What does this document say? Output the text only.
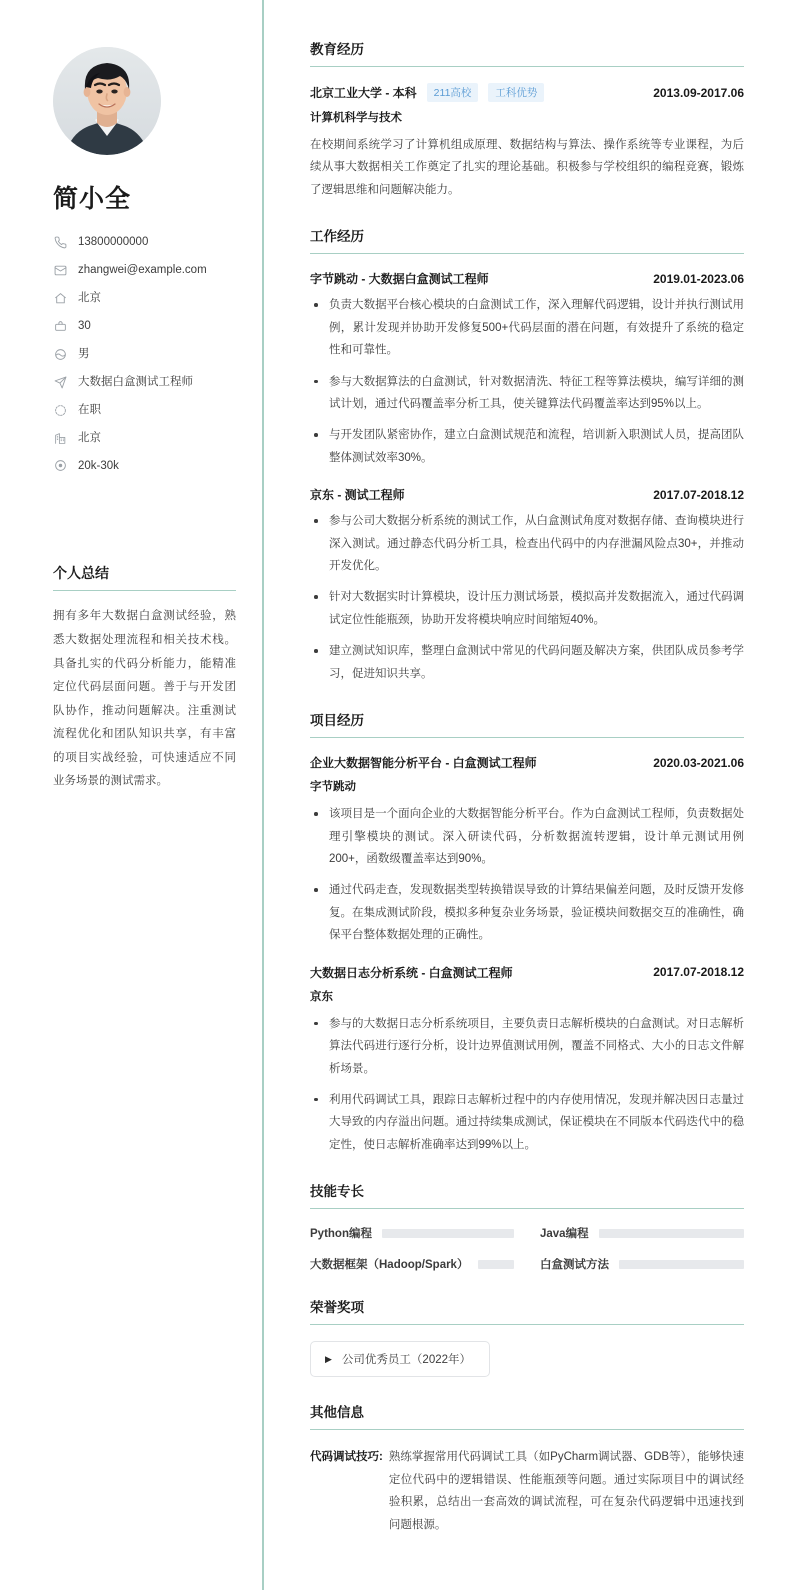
简小全
13800000000
zhangwei@example.com
北京
30
男
大数据白盒测试工程师
在职
北京
20k-30k
个人总结
拥有多年大数据白盒测试经验，熟悉大数据处理流程和相关技术栈。具备扎实的代码分析能力，能精准定位代码层面问题。善于与开发团队协作，推动问题解决。注重测试流程优化和团队知识共享，有丰富的项目实战经验，可快速适应不同业务场景的测试需求。
教育经历
北京工业大学 - 本科	211高校	工科优势	2013.09-2017.06
计算机科学与技术
在校期间系统学习了计算机组成原理、数据结构与算法、操作系统等专业课程，为后续从事大数据相关工作奠定了扎实的理论基础。积极参与学校组织的编程竞赛，锻炼了逻辑思维和问题解决能力。
工作经历
字节跳动 - 大数据白盒测试工程师	2019.01-2023.06
负责大数据平台核心模块的白盒测试工作，深入理解代码逻辑，设计并执行测试用例，累计发现并协助开发修复500+代码层面的潜在问题，有效提升了系统的稳定性和可靠性。
参与大数据算法的白盒测试，针对数据清洗、特征工程等算法模块，编写详细的测试计划，通过代码覆盖率分析工具，使关键算法代码覆盖率达到95%以上。
与开发团队紧密协作，建立白盒测试规范和流程，培训新入职测试人员，提高团队整体测试效率30%。
京东 - 测试工程师	2017.07-2018.12
参与公司大数据分析系统的测试工作，从白盒测试角度对数据存储、查询模块进行深入测试。通过静态代码分析工具，检查出代码中的内存泄漏风险点30+，并推动开发优化。
针对大数据实时计算模块，设计压力测试场景，模拟高并发数据流入，通过代码调试定位性能瓶颈，协助开发将模块响应时间缩短40%。
建立测试知识库，整理白盒测试中常见的代码问题及解决方案，供团队成员参考学习，促进知识共享。
项目经历
企业大数据智能分析平台 - 白盒测试工程师	2020.03-2021.06
字节跳动
该项目是一个面向企业的大数据智能分析平台。作为白盒测试工程师，负责数据处理引擎模块的测试。深入研读代码，分析数据流转逻辑，设计单元测试用例200+，函数级覆盖率达到90%。
通过代码走查，发现数据类型转换错误导致的计算结果偏差问题，及时反馈开发修复。在集成测试阶段，模拟多种复杂业务场景，验证模块间数据交互的准确性，确保平台整体数据处理的正确性。
大数据日志分析系统 - 白盒测试工程师	2017.07-2018.12
京东
参与的大数据日志分析系统项目，主要负责日志解析模块的白盒测试。对日志解析算法代码进行逐行分析，设计边界值测试用例，覆盖不同格式、大小的日志文件解析场景。
利用代码调试工具，跟踪日志解析过程中的内存使用情况，发现并解决因日志量过大导致的内存溢出问题。通过持续集成测试，保证模块在不同版本代码迭代中的稳定性，使日志解析准确率达到99%以上。
技能专长
Python编程	Java编程
大数据框架（Hadoop/Spark）	白盒测试方法
荣誉奖项
▶ 公司优秀员工（2022年）
其他信息
代码调试技巧: 熟练掌握常用代码调试工具（如PyCharm调试器、GDB等），能够快速定位代码中的逻辑错误、性能瓶颈等问题。通过实际项目中的调试经验积累，总结出一套高效的调试流程，可在复杂代码逻辑中迅速找到问题根源。
